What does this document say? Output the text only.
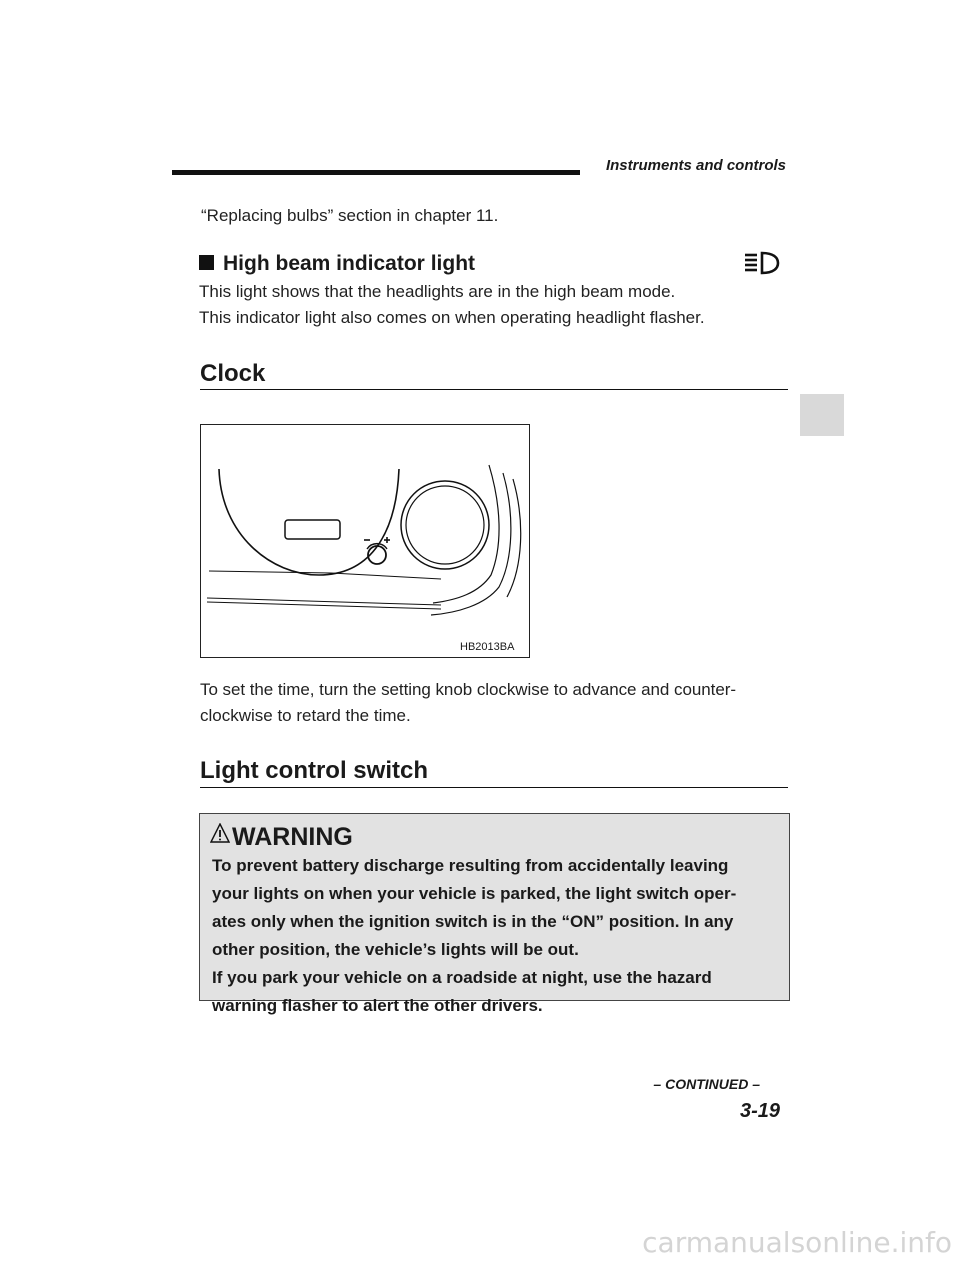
Instruments and controls
“Replacing bulbs” section in chapter 11.
High beam indicator light
This light shows that the headlights are in the high beam mode.
This indicator light also comes on when operating headlight flasher.
Clock
HB2013BA
To set the time, turn the setting knob clockwise to advance and counter-
clockwise to retard the time.
Light control switch
WARNING
To prevent battery discharge resulting from accidentally leaving
your lights on when your vehicle is parked, the light switch oper-
ates only when the ignition switch is in the “ON” position. In any
other position, the vehicle’s lights will be out.
If you park your vehicle on a roadside at night, use the hazard
warning flasher to alert the other drivers.
– CONTINUED –
3-19
carmanualsonline.info
